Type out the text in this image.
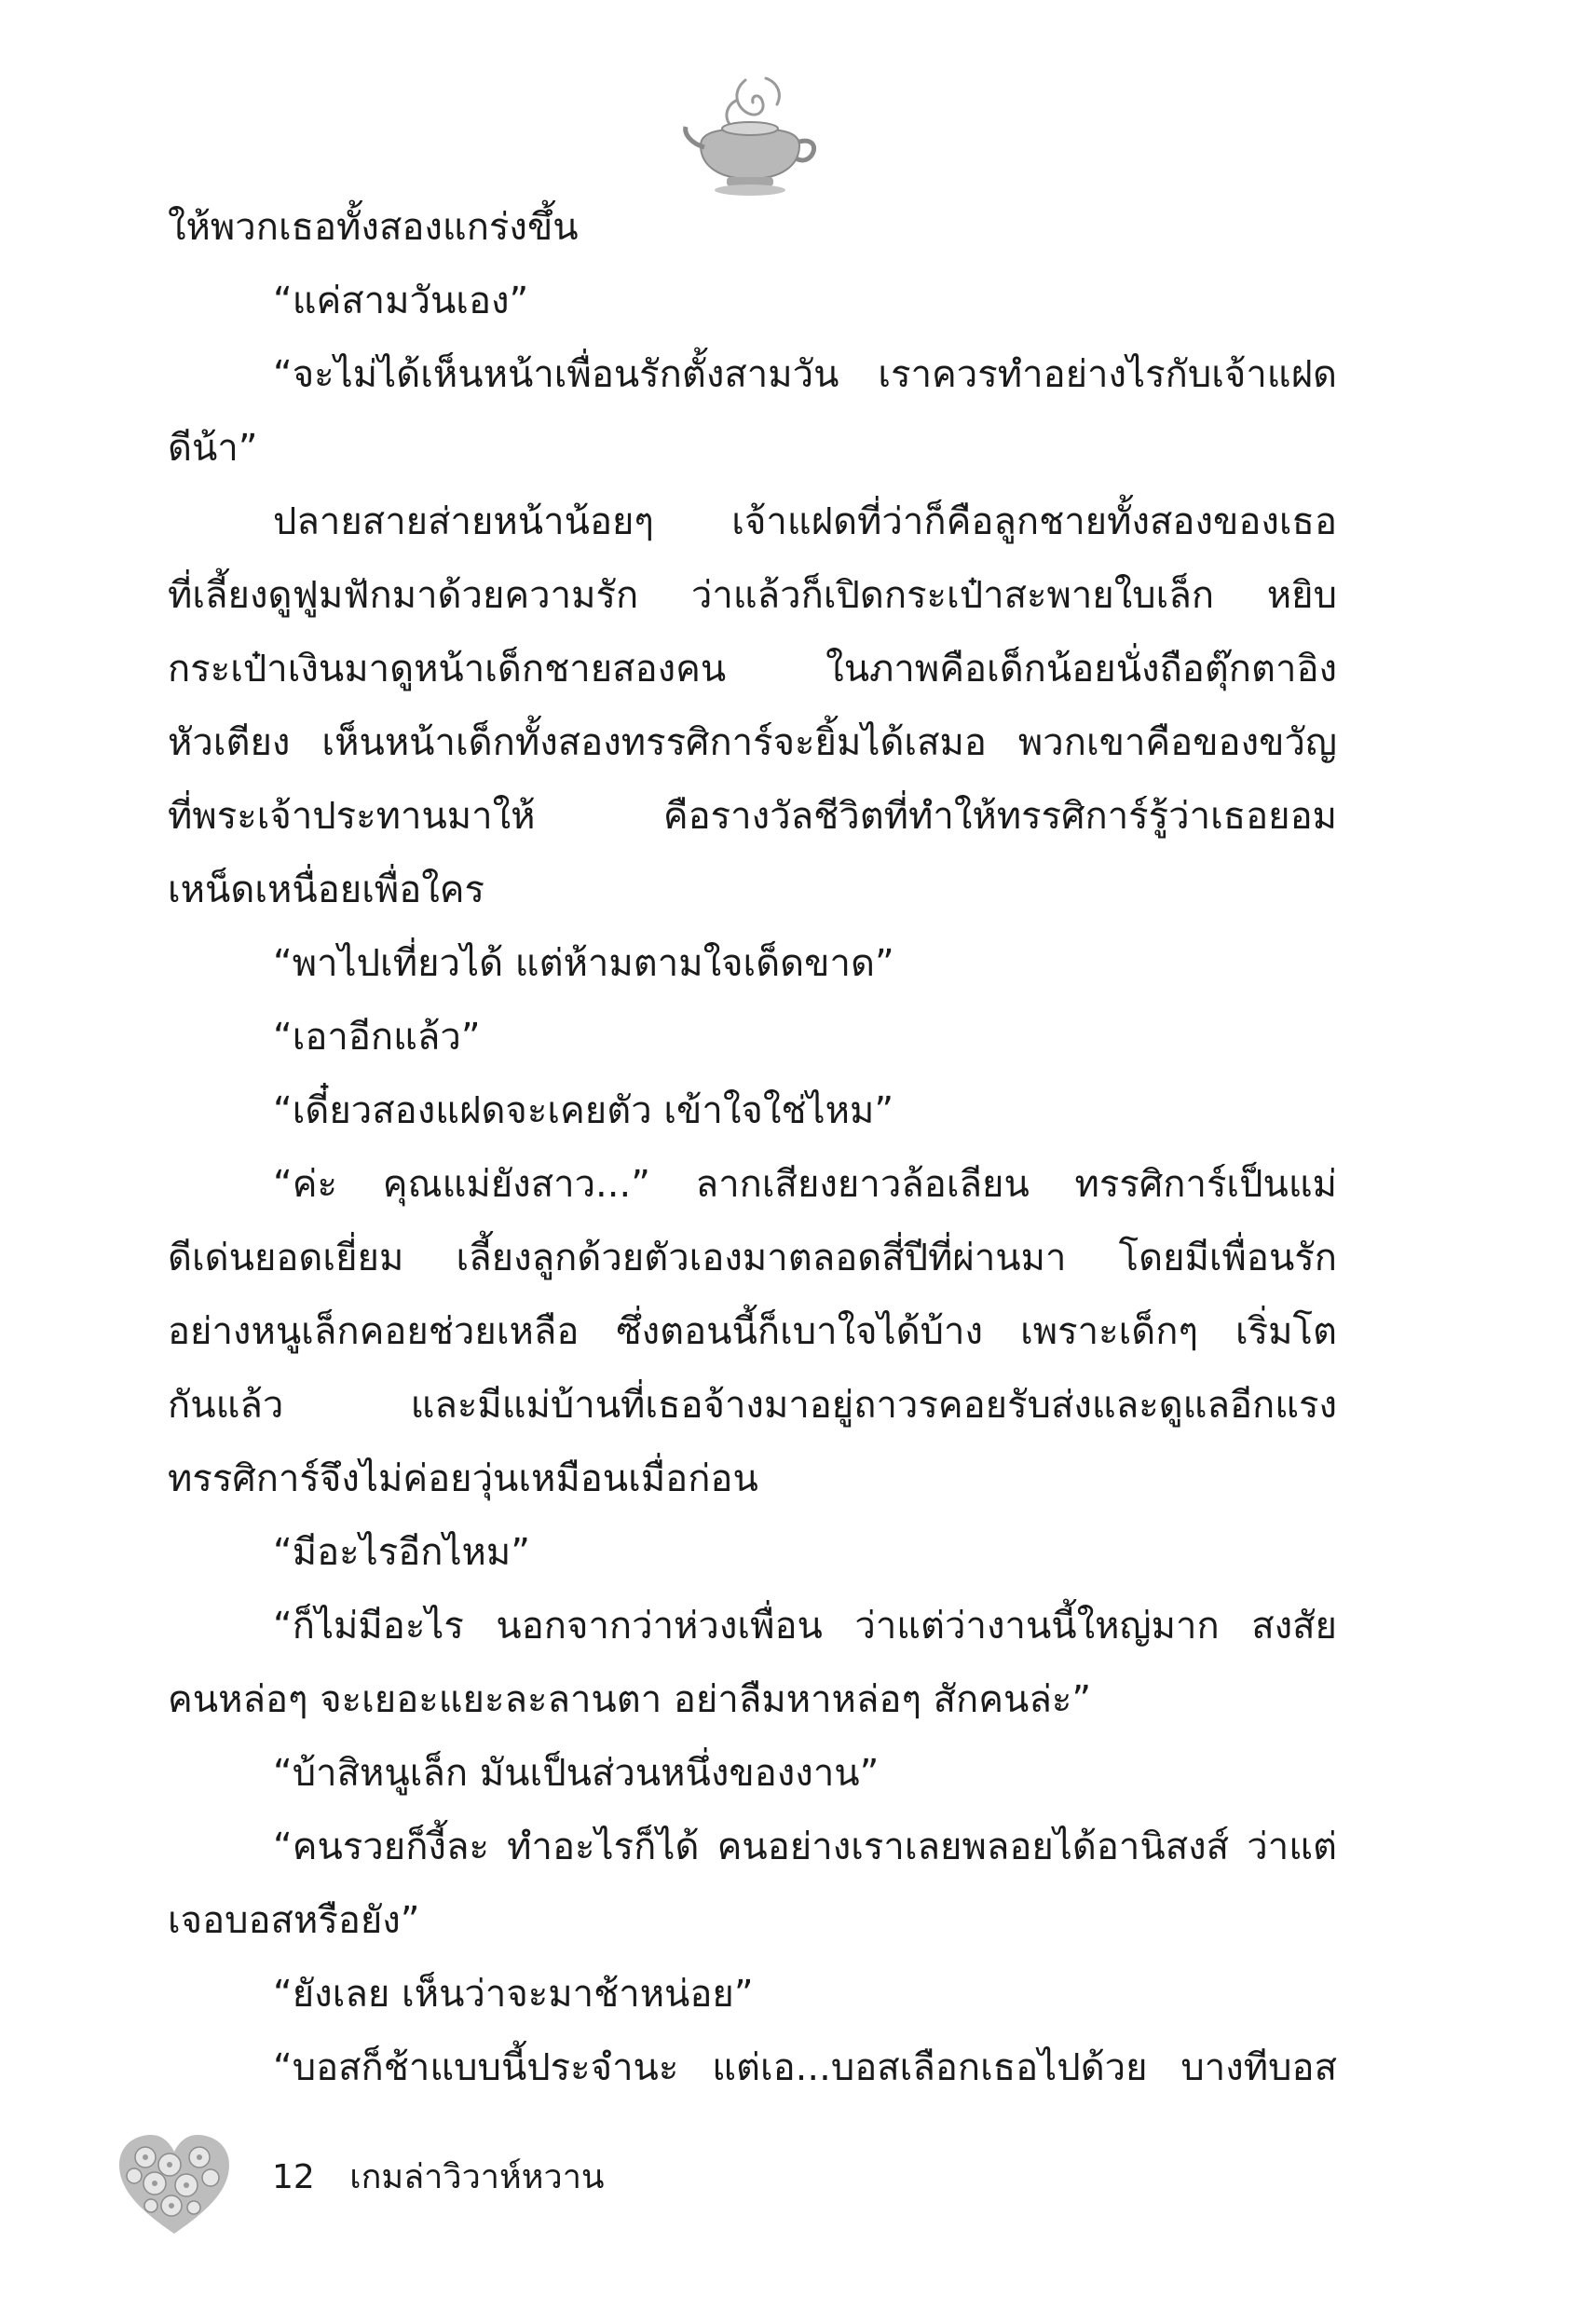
ให้พวกเธอทั้งสองแกร่งขึ้น
“แค่สามวันเอง”
“จะไม่ได้เห็นหน้าเพื่อนรักตั้งสามวัน เราควรทำอย่างไรกับเจ้าแฝด
ดีน้า”
ปลายสายส่ายหน้าน้อยๆ เจ้าแฝดที่ว่าก็คือลูกชายทั้งสองของเธอ
ที่เลี้ยงดูฟูมฟักมาด้วยความรัก ว่าแล้วก็เปิดกระเป๋าสะพายใบเล็ก หยิบ
กระเป๋าเงินมาดูหน้าเด็กชายสองคน ในภาพคือเด็กน้อยนั่งถือตุ๊กตาอิง
หัวเตียง เห็นหน้าเด็กทั้งสองทรรศิการ์จะยิ้มได้เสมอ พวกเขาคือของขวัญ
ที่พระเจ้าประทานมาให้ คือรางวัลชีวิตที่ทำให้ทรรศิการ์รู้ว่าเธอยอม
เหน็ดเหนื่อยเพื่อใคร
“พาไปเที่ยวได้ แต่ห้ามตามใจเด็ดขาด”
“เอาอีกแล้ว”
“เดี๋ยวสองแฝดจะเคยตัว เข้าใจใช่ไหม”
“ค่ะ คุณแม่ยังสาว...” ลากเสียงยาวล้อเลียน ทรรศิการ์เป็นแม่
ดีเด่นยอดเยี่ยม เลี้ยงลูกด้วยตัวเองมาตลอดสี่ปีที่ผ่านมา โดยมีเพื่อนรัก
อย่างหนูเล็กคอยช่วยเหลือ ซึ่งตอนนี้ก็เบาใจได้บ้าง เพราะเด็กๆ เริ่มโต
กันแล้ว และมีแม่บ้านที่เธอจ้างมาอยู่ถาวรคอยรับส่งและดูแลอีกแรง
ทรรศิการ์จึงไม่ค่อยวุ่นเหมือนเมื่อก่อน
“มีอะไรอีกไหม”
“ก็ไม่มีอะไร นอกจากว่าห่วงเพื่อน ว่าแต่ว่างานนี้ใหญ่มาก สงสัย
คนหล่อๆ จะเยอะแยะละลานตา อย่าลืมหาหล่อๆ สักคนล่ะ”
“บ้าสิหนูเล็ก มันเป็นส่วนหนึ่งของงาน”
“คนรวยก็งี้ละ ทำอะไรก็ได้ คนอย่างเราเลยพลอยได้อานิสงส์ ว่าแต่
เจอบอสหรือยัง”
“ยังเลย เห็นว่าจะมาช้าหน่อย”
“บอสก็ช้าแบบนี้ประจำนะ แต่เอ...บอสเลือกเธอไปด้วย บางทีบอส
12 เกมล่าวิวาห์หวาน
